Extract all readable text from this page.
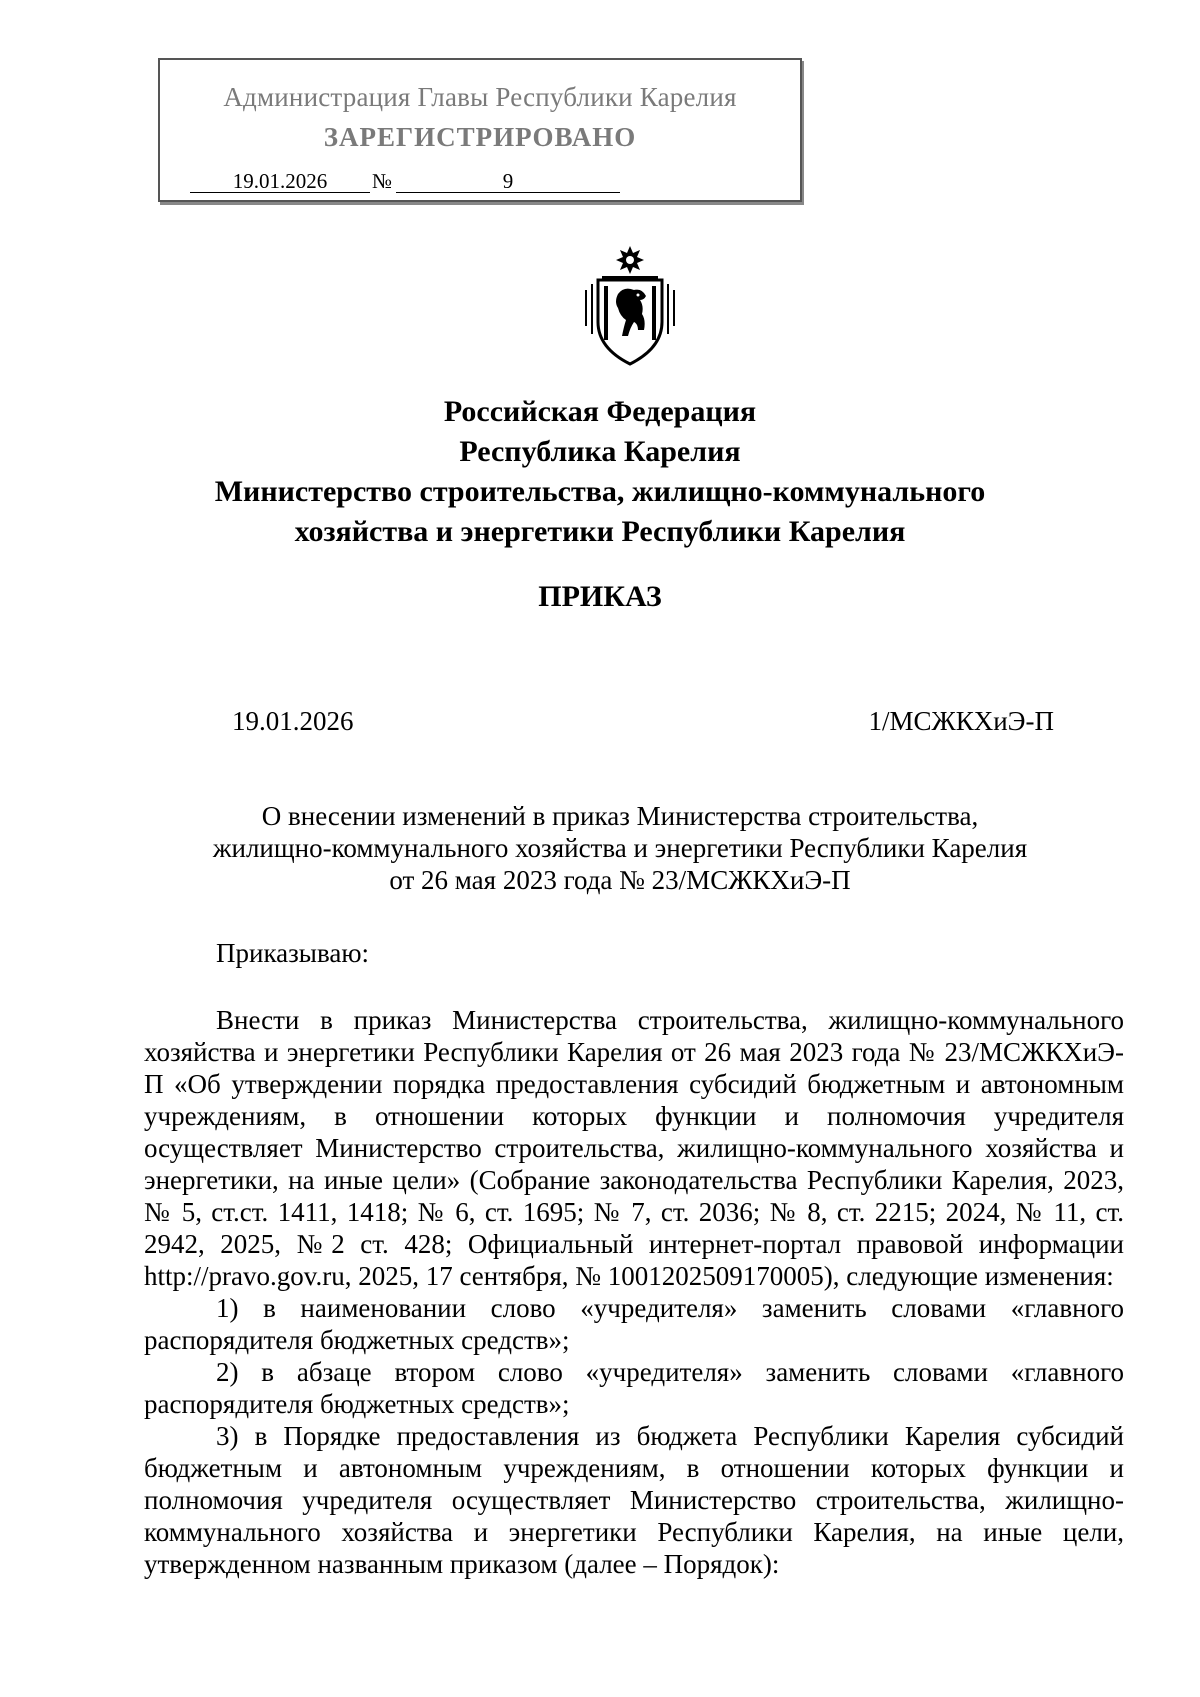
Администрация Главы Республики Карелия
ЗАРЕГИСТРИРОВАНО
19.01.2026	№	9
Российская Федерация
Республика Карелия
Министерство строительства, жилищно-коммунального
хозяйства и энергетики Республики Карелия
ПРИКАЗ
19.01.2026	1/МСЖКХиЭ-П
О внесении изменений в приказ Министерства строительства,
жилищно-коммунального хозяйства и энергетики Республики Карелия
от 26 мая 2023 года № 23/МСЖКХиЭ-П
Приказываю:

Внести в приказ Министерства строительства, жилищно-коммунального хозяйства и энергетики Республики Карелия от 26 мая 2023 года № 23/МСЖКХиЭ-П «Об утверждении порядка предоставления субсидий бюджетным и автономным учреждениям, в отношении которых функции и полномочия учредителя осуществляет Министерство строительства, жилищно-коммунального хозяйства и энергетики, на иные цели» (Собрание законодательства Республики Карелия, 2023, № 5, ст.ст. 1411, 1418; № 6, ст. 1695; № 7, ст. 2036; № 8, ст. 2215; 2024, № 11, ст. 2942, 2025, №2 ст. 428; Официальный интернет-портал правовой информации http://pravo.gov.ru, 2025, 17 сентября, № 1001202509170005), следующие изменения:

1) в наименовании слово «учредителя» заменить словами «главного распорядителя бюджетных средств»;

2) в абзаце втором слово «учредителя» заменить словами «главного распорядителя бюджетных средств»;

3) в Порядке предоставления из бюджета Республики Карелия субсидий бюджетным и автономным учреждениям, в отношении которых функции и полномочия учредителя осуществляет Министерство строительства, жилищно-коммунального хозяйства и энергетики Республики Карелия, на иные цели, утвержденном названным приказом (далее – Порядок):
